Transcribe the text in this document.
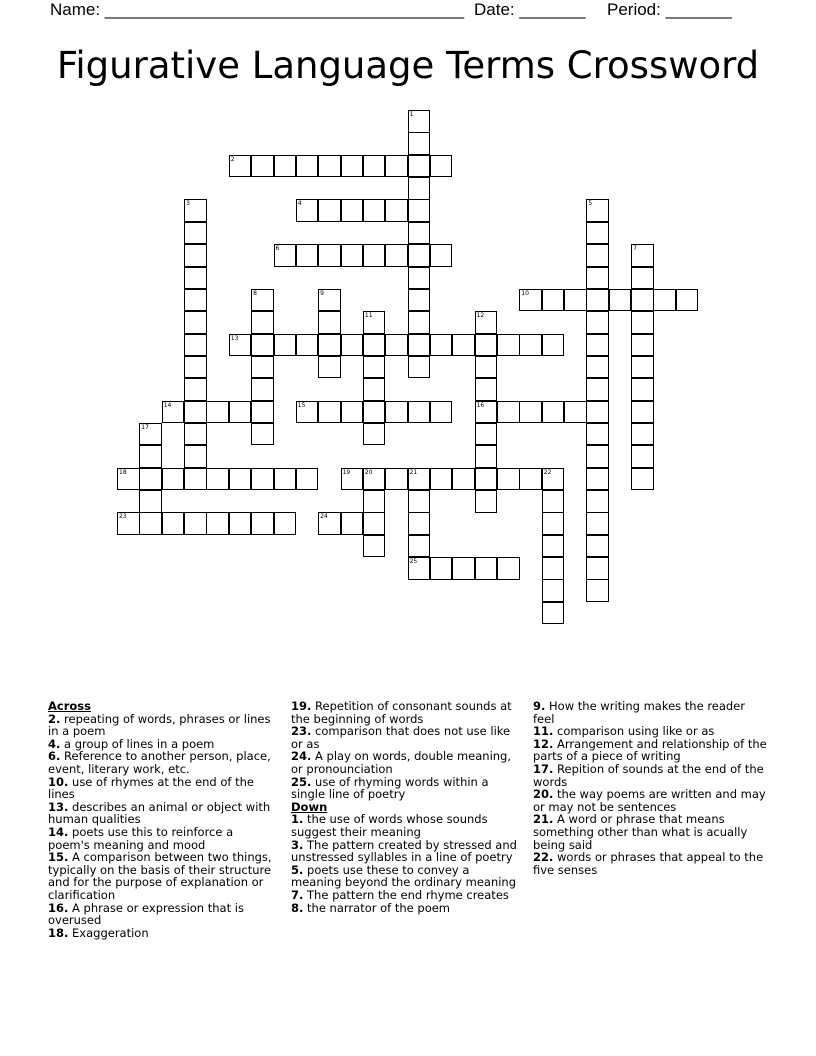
Name: ______________________________________ Date: _______ Period: _______
Figurative Language Terms Crossword
1
2
3	4	5
6	7
8	9	10
11	12
16
13
14	15
17
18	19 20	21	22
23	24
25
Across
2. repeating of words, phrases or lines in a poem
4. a group of lines in a poem
6. Reference to another person, place, event, literary work, etc.
10. use of rhymes at the end of the lines
13. describes an animal or object with human qualities
14. poets use this to reinforce a poem's meaning and mood
15. A comparison between two things, typically on the basis of their structure and for the purpose of explanation or clarification
16. A phrase or expression that is overused
18. Exaggeration
19. Repetition of consonant sounds at the beginning of words
23. comparison that does not use like or as
24. A play on words, double meaning, or pronounciation
25. use of rhyming words within a single line of poetry
Down
1. the use of words whose sounds suggest their meaning
3. The pattern created by stressed and unstressed syllables in a line of poetry
5. poets use these to convey a meaning beyond the ordinary meaning
7. The pattern the end rhyme creates
8. the narrator of the poem
9. How the writing makes the reader feel
11. comparison using like or as
12. Arrangement and relationship of the parts of a piece of writing
17. Repition of sounds at the end of the words
20. the way poems are written and may or may not be sentences
21. A word or phrase that means something other than what is acually being said
22. words or phrases that appeal to the five senses
